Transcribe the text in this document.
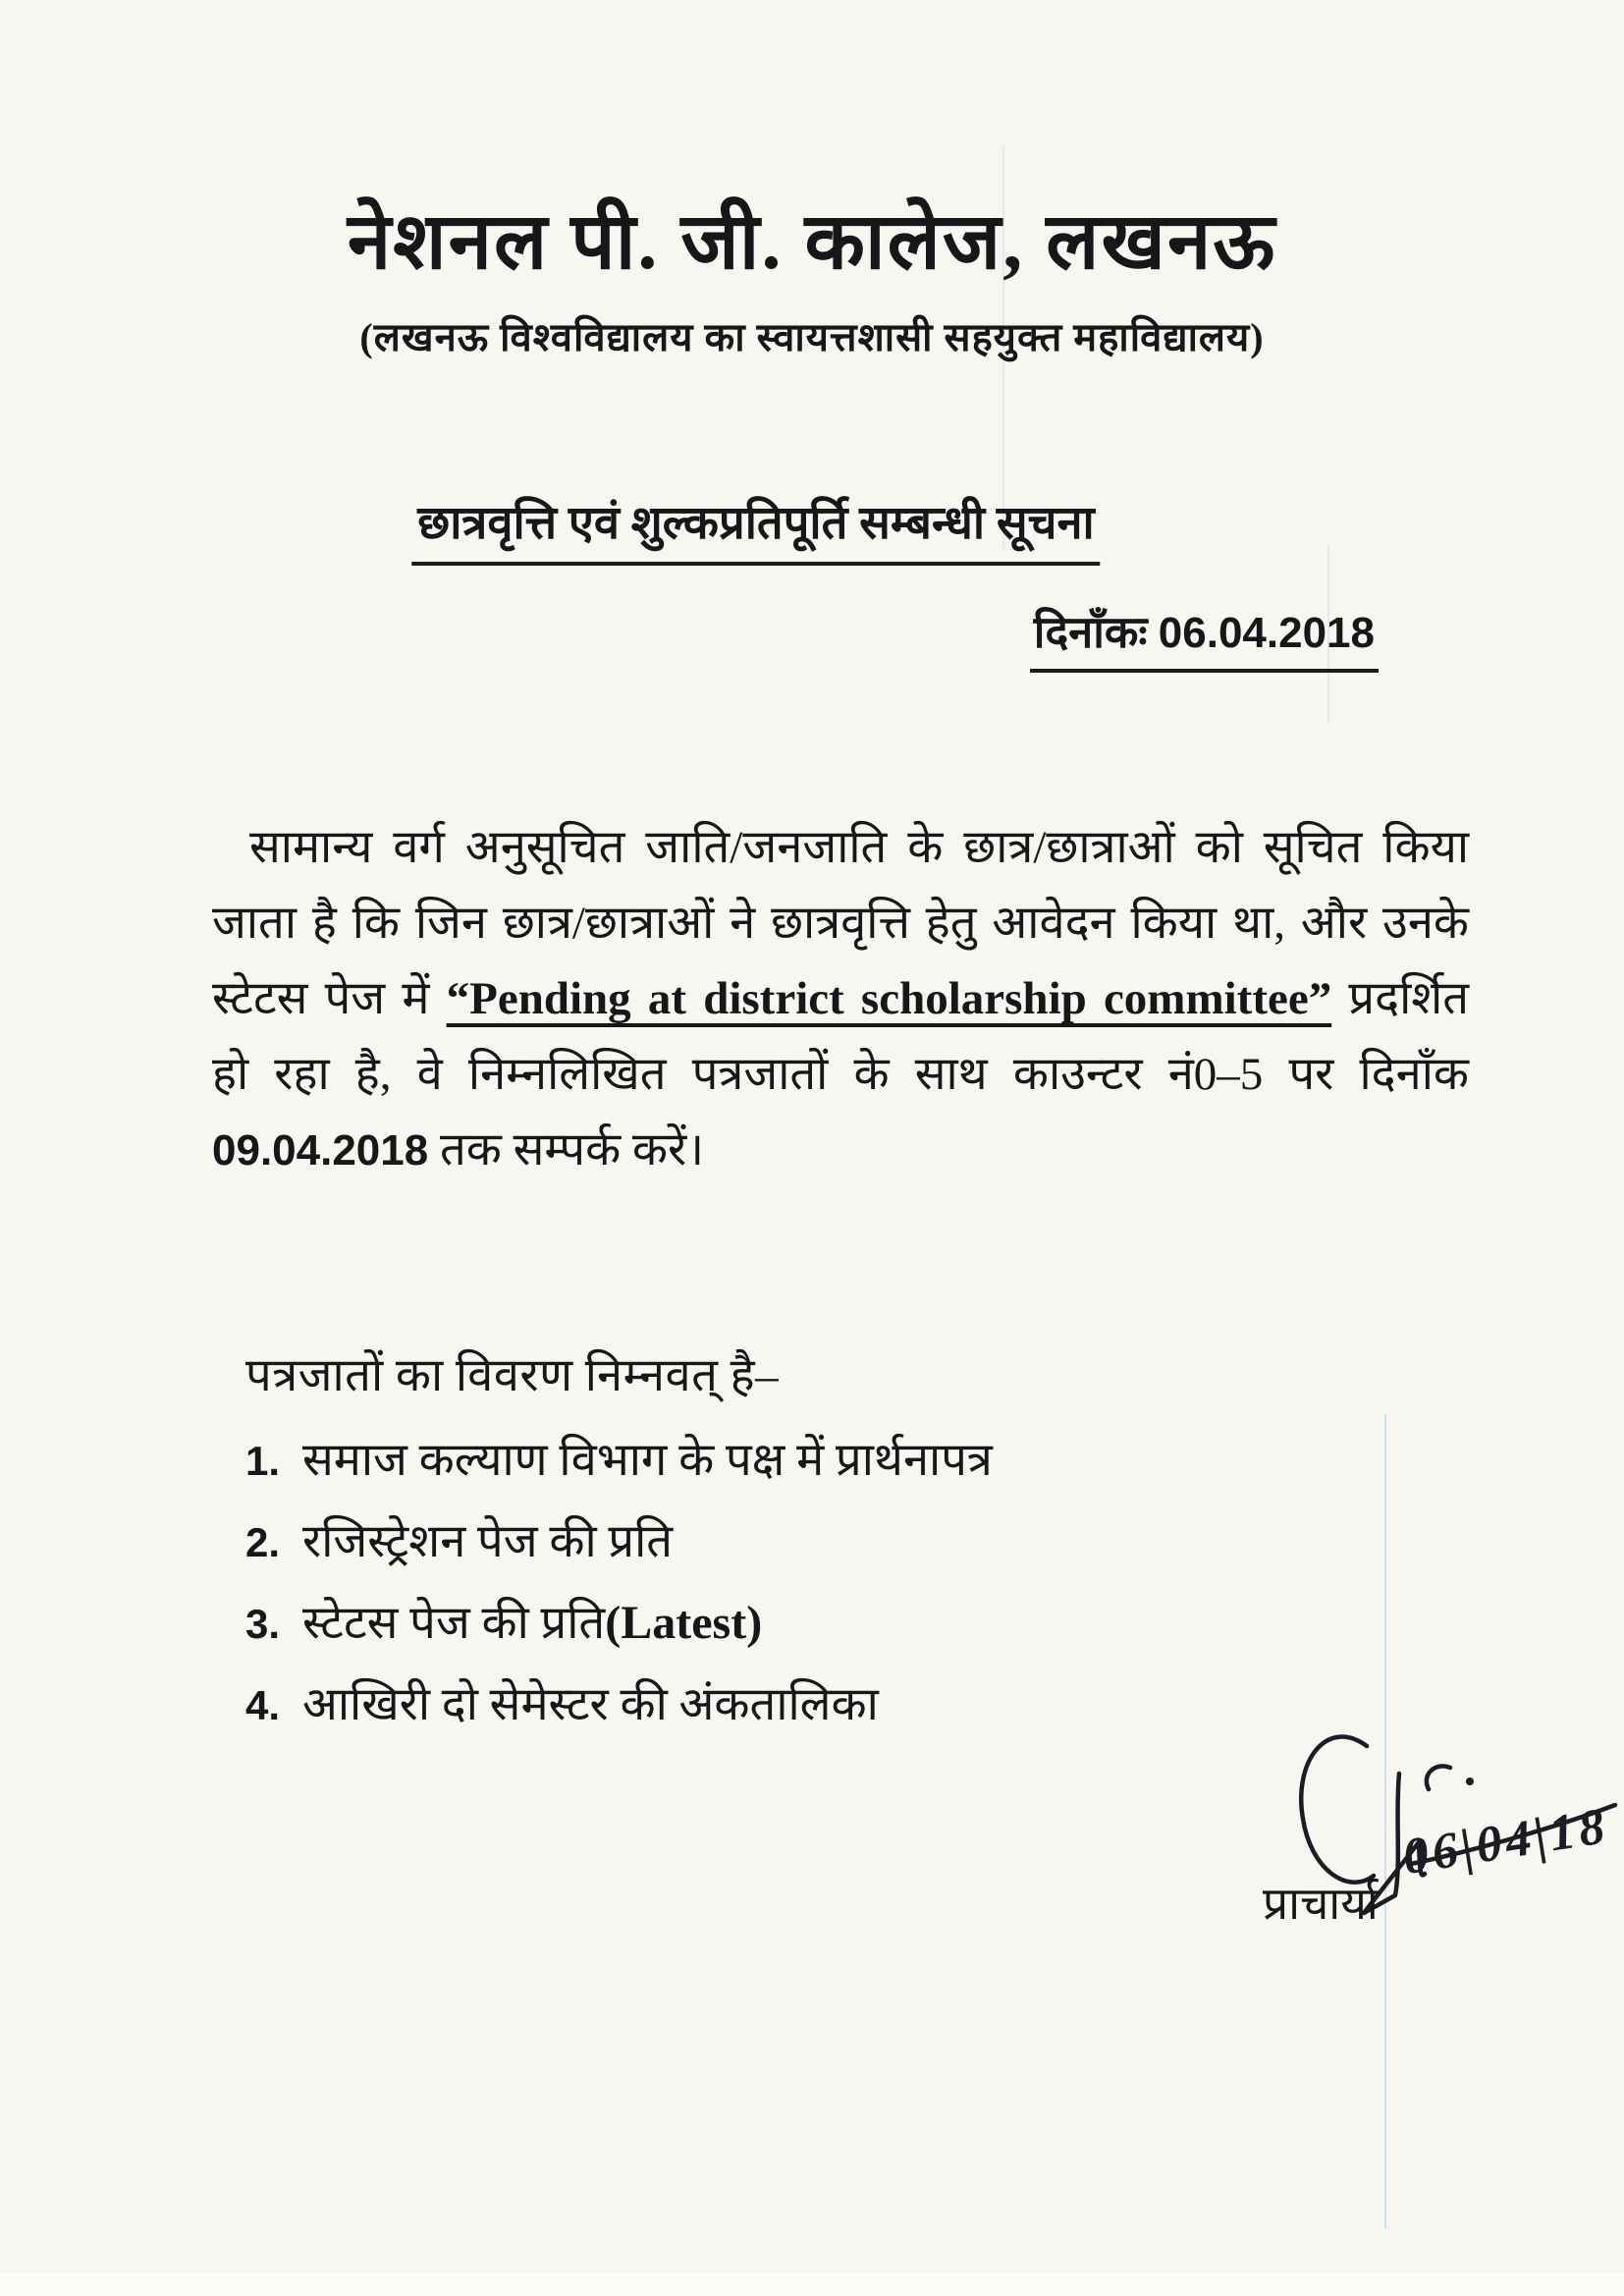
नेशनल पी. जी. कालेज, लखनऊ
(लखनऊ विश्वविद्यालय का स्वायत्तशासी सहयुक्त महाविद्यालय)
छात्रवृत्ति एवं शुल्कप्रतिपूर्ति सम्बन्धी सूचना
दिनाँकः 06.04.2018

सामान्य वर्ग अनुसूचित जाति/जनजाति के छात्र/छात्राओं को सूचित किया जाता है कि जिन छात्र/छात्राओं ने छात्रवृत्ति हेतु आवेदन किया था, और उनके स्टेटस पेज में “Pending at district scholarship committee” प्रदर्शित हो रहा है, वे निम्नलिखित पत्रजातों के साथ काउन्टर नं0–5 पर दिनाँक 09.04.2018 तक सम्पर्क करें।

पत्रजातों का विवरण निम्नवत् है–
1. समाज कल्याण विभाग के पक्ष में प्रार्थनापत्र
2. रजिस्ट्रेशन पेज की प्रति
3. स्टेटस पेज की प्रति (Latest)
4. आखिरी दो सेमेस्टर की अंकतालिका
06|04|18
प्राचार्या
